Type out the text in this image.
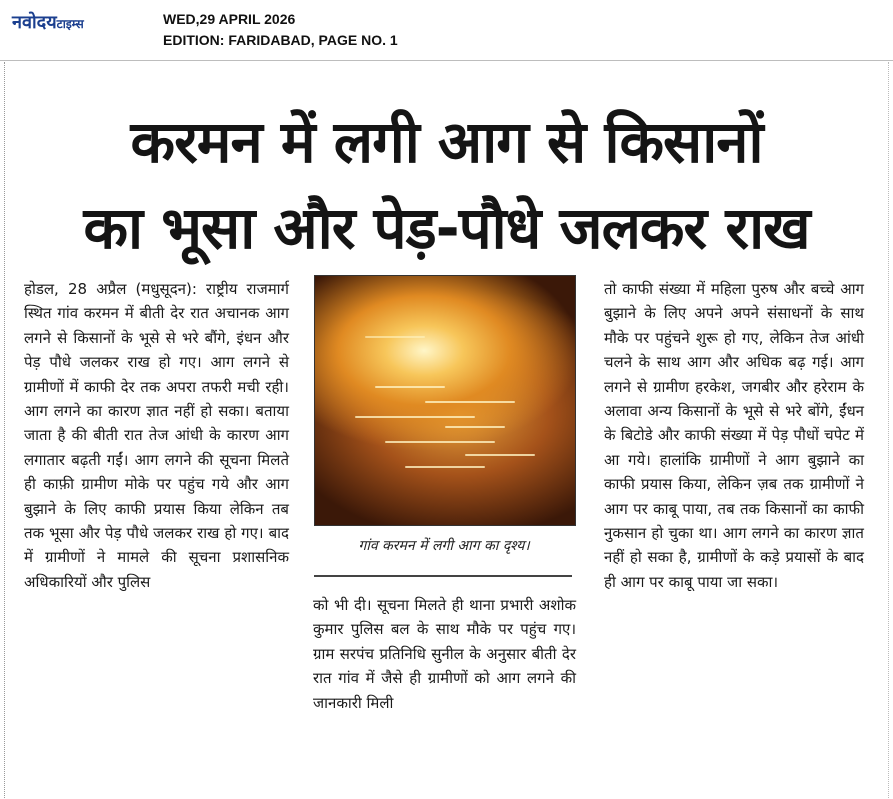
नवोदयटाइम्स	WED,29 APRIL 2026
EDITION: FARIDABAD, PAGE NO. 1
करमन में लगी आग से किसानों
का भूसा और पेड़-पौधे जलकर राख

होडल, 28 अप्रैल (मधुसूदन): राष्ट्रीय राजमार्ग स्थित गांव करमन में बीती देर रात अचानक आग लगने से किसानों के भूसे से भरे बौंगे, इंधन और पेड़ पौधे जलकर राख हो गए। आग लगने से ग्रामीणों में काफी देर तक अपरा तफरी मची रही। आग लगने का कारण ज्ञात नहीं हो सका। बताया जाता है की बीती रात तेज आंधी के कारण आग लगातार बढ़ती गईं। आग लगने की सूचना मिलते ही काफ़ी ग्रामीण मोके पर पहुंच गये और आग बुझाने के लिए काफी प्रयास किया लेकिन तब तक भूसा और पेड़ पौधे जलकर राख हो गए। बाद में ग्रामीणों ने मामले की सूचना प्रशासनिक अधिकारियों और पुलिस

गांव करमन में लगी आग का दृश्य।

को भी दी। सूचना मिलते ही थाना प्रभारी अशोक कुमार पुलिस बल के साथ मौके पर पहुंच गए। ग्राम सरपंच प्रतिनिधि सुनील के अनुसार बीती देर रात गांव में जैसे ही ग्रामीणों को आग लगने की जानकारी मिली

तो काफी संख्या में महिला पुरुष और बच्चे आग बुझाने के लिए अपने अपने संसाधनों के साथ मौके पर पहुंचने शुरू हो गए, लेकिन तेज आंधी चलने के साथ आग और अधिक बढ़ गई। आग लगने से ग्रामीण हरकेश, जगबीर और हरेराम के अलावा अन्य किसानों के भूसे से भरे बोंगे, ईंधन के बिटोडे और काफी संख्या में पेड़ पौधों चपेट में आ गये। हालांकि ग्रामीणों ने आग बुझाने का काफी प्रयास किया, लेकिन ज़ब तक ग्रामीणों ने आग पर काबू पाया, तब तक किसानों का काफी नुकसान हो चुका था। आग लगने का कारण ज्ञात नहीं हो सका है, ग्रामीणों के कड़े प्रयासों के बाद ही आग पर काबू पाया जा सका।
